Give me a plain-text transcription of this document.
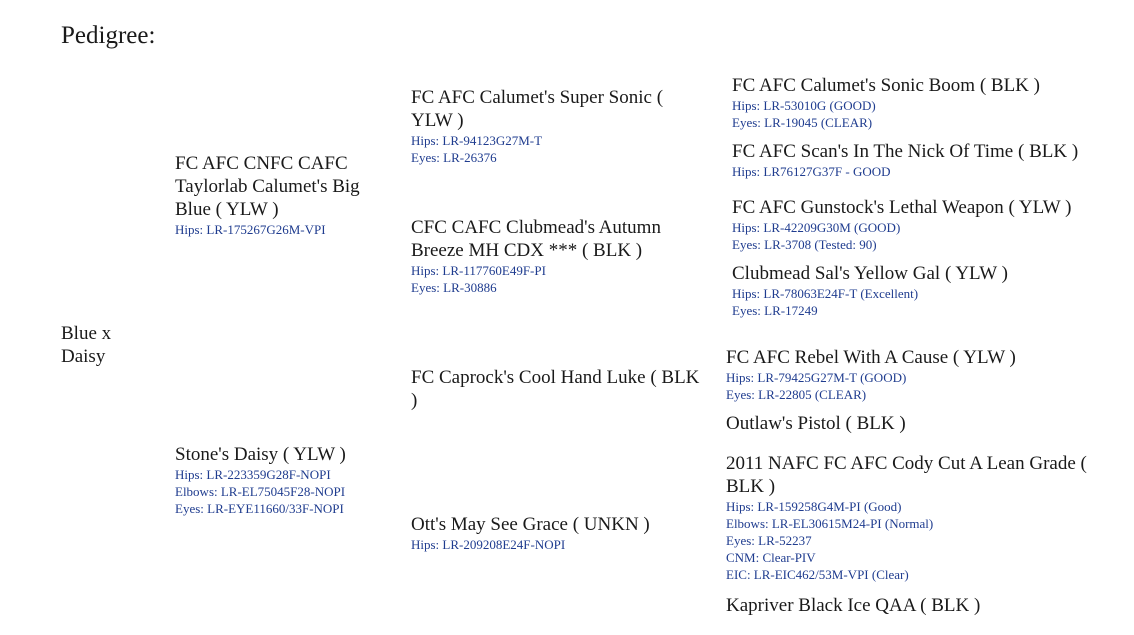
Pedigree:
Blue x
Daisy
FC AFC CNFC CAFC Taylorlab Calumet's Big Blue ( YLW )
Hips: LR-175267G26M-VPI
Stone's Daisy ( YLW )
Hips: LR-223359G28F-NOPI
Elbows: LR-EL75045F28-NOPI
Eyes: LR-EYE11660/33F-NOPI
FC AFC Calumet's Super Sonic ( YLW )
Hips: LR-94123G27M-T
Eyes: LR-26376
CFC CAFC Clubmead's Autumn Breeze MH CDX *** ( BLK )
Hips: LR-117760E49F-PI
Eyes: LR-30886
FC Caprock's Cool Hand Luke ( BLK )
Ott's May See Grace ( UNKN )
Hips: LR-209208E24F-NOPI
FC AFC Calumet's Sonic Boom ( BLK )
Hips: LR-53010G (GOOD)
Eyes: LR-19045 (CLEAR)
FC AFC Scan's In The Nick Of Time ( BLK )
Hips: LR76127G37F - GOOD
FC AFC Gunstock's Lethal Weapon ( YLW )
Hips: LR-42209G30M (GOOD)
Eyes: LR-3708 (Tested: 90)
Clubmead Sal's Yellow Gal ( YLW )
Hips: LR-78063E24F-T (Excellent)
Eyes: LR-17249
FC AFC Rebel With A Cause ( YLW )
Hips: LR-79425G27M-T (GOOD)
Eyes: LR-22805 (CLEAR)
Outlaw's Pistol ( BLK )
2011 NAFC FC AFC Cody Cut A Lean Grade ( BLK )
Hips: LR-159258G4M-PI (Good)
Elbows: LR-EL30615M24-PI (Normal)
Eyes: LR-52237
CNM: Clear-PIV
EIC: LR-EIC462/53M-VPI (Clear)
Kapriver Black Ice QAA ( BLK )
